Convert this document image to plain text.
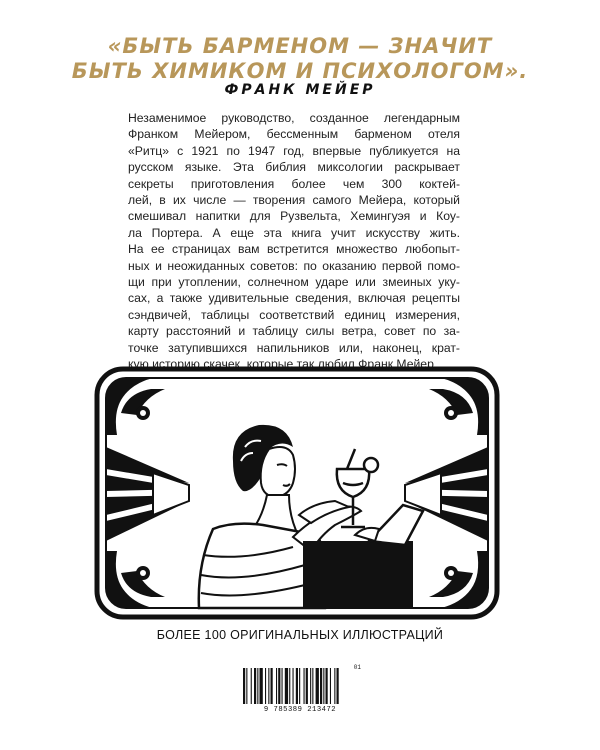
«БЫТЬ БАРМЕНОМ — ЗНАЧИТ
БЫТЬ ХИМИКОМ И ПСИХОЛОГОМ».
ФРАНК МЕЙЕР
Незаменимое руководство, созданное легендарным
Франком Мейером, бессменным барменом отеля
«Ритц» с 1921 по 1947 год, впервые публикуется на
русском языке. Эта библия миксологии раскрывает
секреты приготовления более чем 300 коктей-
лей, в их числе — творения самого Мейера, который
смешивал напитки для Рузвельта, Хемингуэя и Коу-
ла Портера. А еще эта книга учит искусству жить.
На ее страницах вам встретится множество любопыт-
ных и неожиданных советов: по оказанию первой помо-
щи при утоплении, солнечном ударе или змеиных уку-
сах, а также удивительные сведения, включая рецепты
сэндвичей, таблицы соответствий единиц измерения,
карту расстояний и таблицу силы ветра, совет по за-
точке затупившихся напильников или, наконец, крат-
кую историю скачек, которые так любил Франк Мейер.
БОЛЕЕ 100 ОРИГИНАЛЬНЫХ ИЛЛЮСТРАЦИЙ
01
9 785389 213472
